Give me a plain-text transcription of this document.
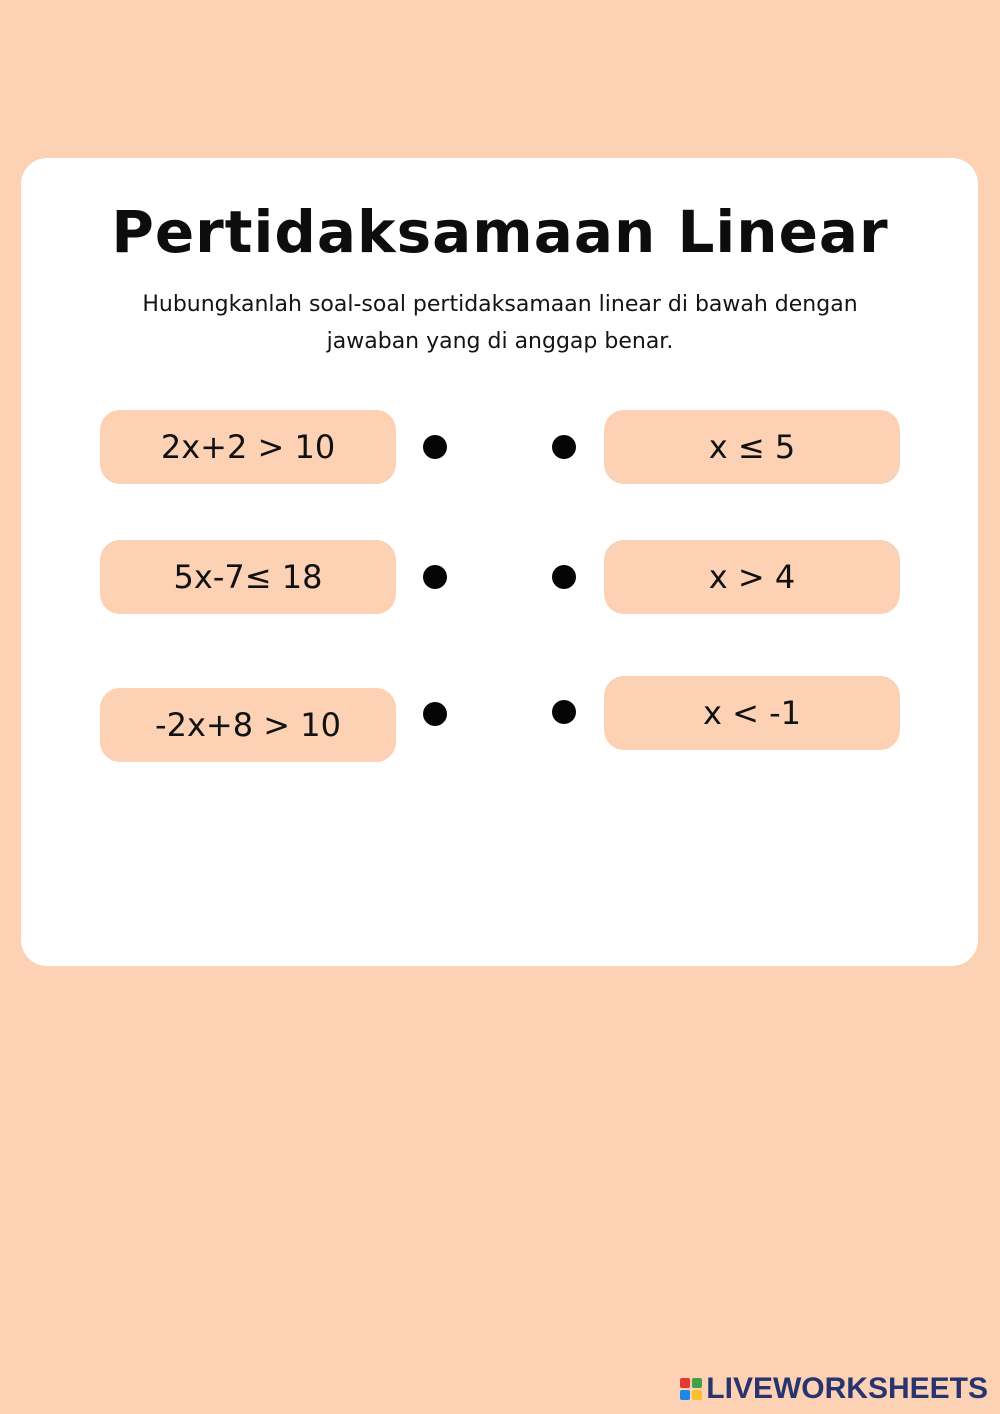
Pertidaksamaan Linear
Hubungkanlah soal-soal pertidaksamaan linear di bawah dengan jawaban yang di anggap benar.
2x+2 > 10	x ≤ 5
5x-7≤ 18	x > 4
-2x+8 > 10	x < -1
LIVEWORKSHEETS
